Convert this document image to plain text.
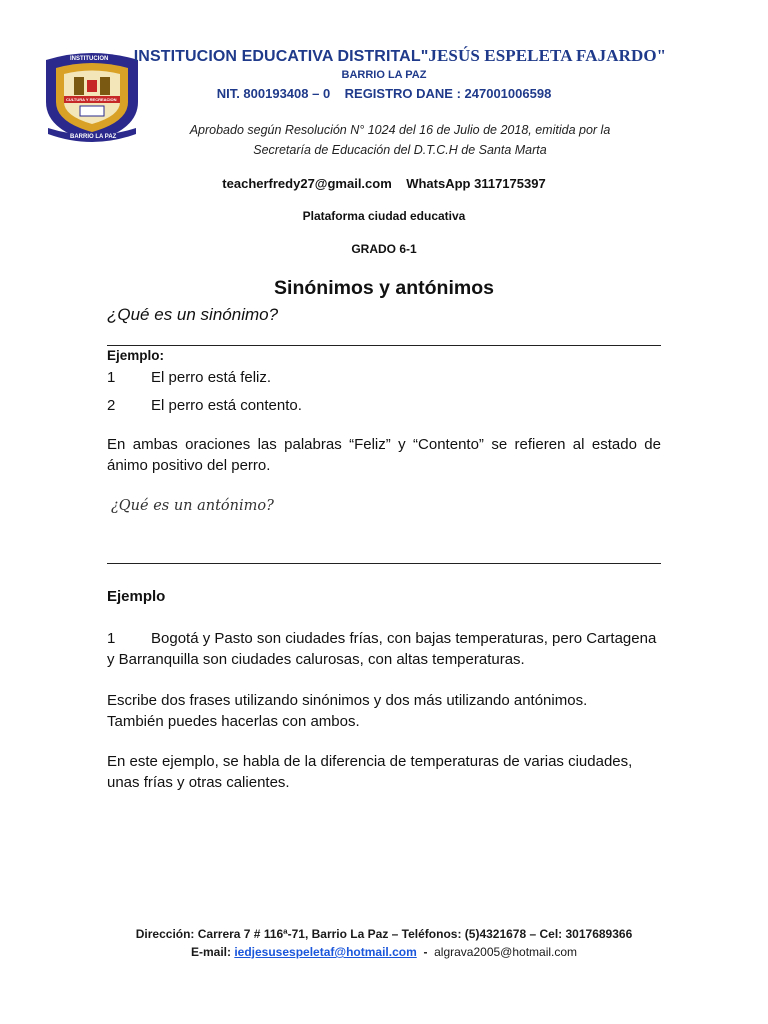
INSTITUCION
CULTURA Y RECREACION
BARRIO LA PAZ
INSTITUCION EDUCATIVA DISTRITAL"JESÚS ESPELETA FAJARDO"
BARRIO LA PAZ
NIT. 800193408 – 0 REGISTRO DANE : 247001006598
Aprobado según Resolución N° 1024 del 16 de Julio de 2018, emitida por la
Secretaría de Educación del D.T.C.H de Santa Marta
teacherfredy27@gmail.com    WhatsApp 3117175397
Plataforma ciudad educativa
GRADO 6-1
Sinónimos y antónimos
¿Qué es un sinónimo?
Ejemplo:
1 El perro está feliz.
2 El perro está contento.
En ambas oraciones las palabras “Feliz” y “Contento” se refieren al estado de ánimo positivo del perro.
¿Qué es un antónimo?
Ejemplo
1 Bogotá y Pasto son ciudades frías, con bajas temperaturas, pero Cartagena y Barranquilla son ciudades calurosas, con altas temperaturas.
Escribe dos frases utilizando sinónimos y dos más utilizando antónimos.
También puedes hacerlas con ambos.
En este ejemplo, se habla de la diferencia de temperaturas de varias ciudades, unas frías y otras calientes.
Dirección: Carrera 7 # 116ª-71, Barrio La Paz – Teléfonos: (5)4321678 – Cel: 3017689366
E-mail: iedjesusespeletaf@hotmail.com - algrava2005@hotmail.com
